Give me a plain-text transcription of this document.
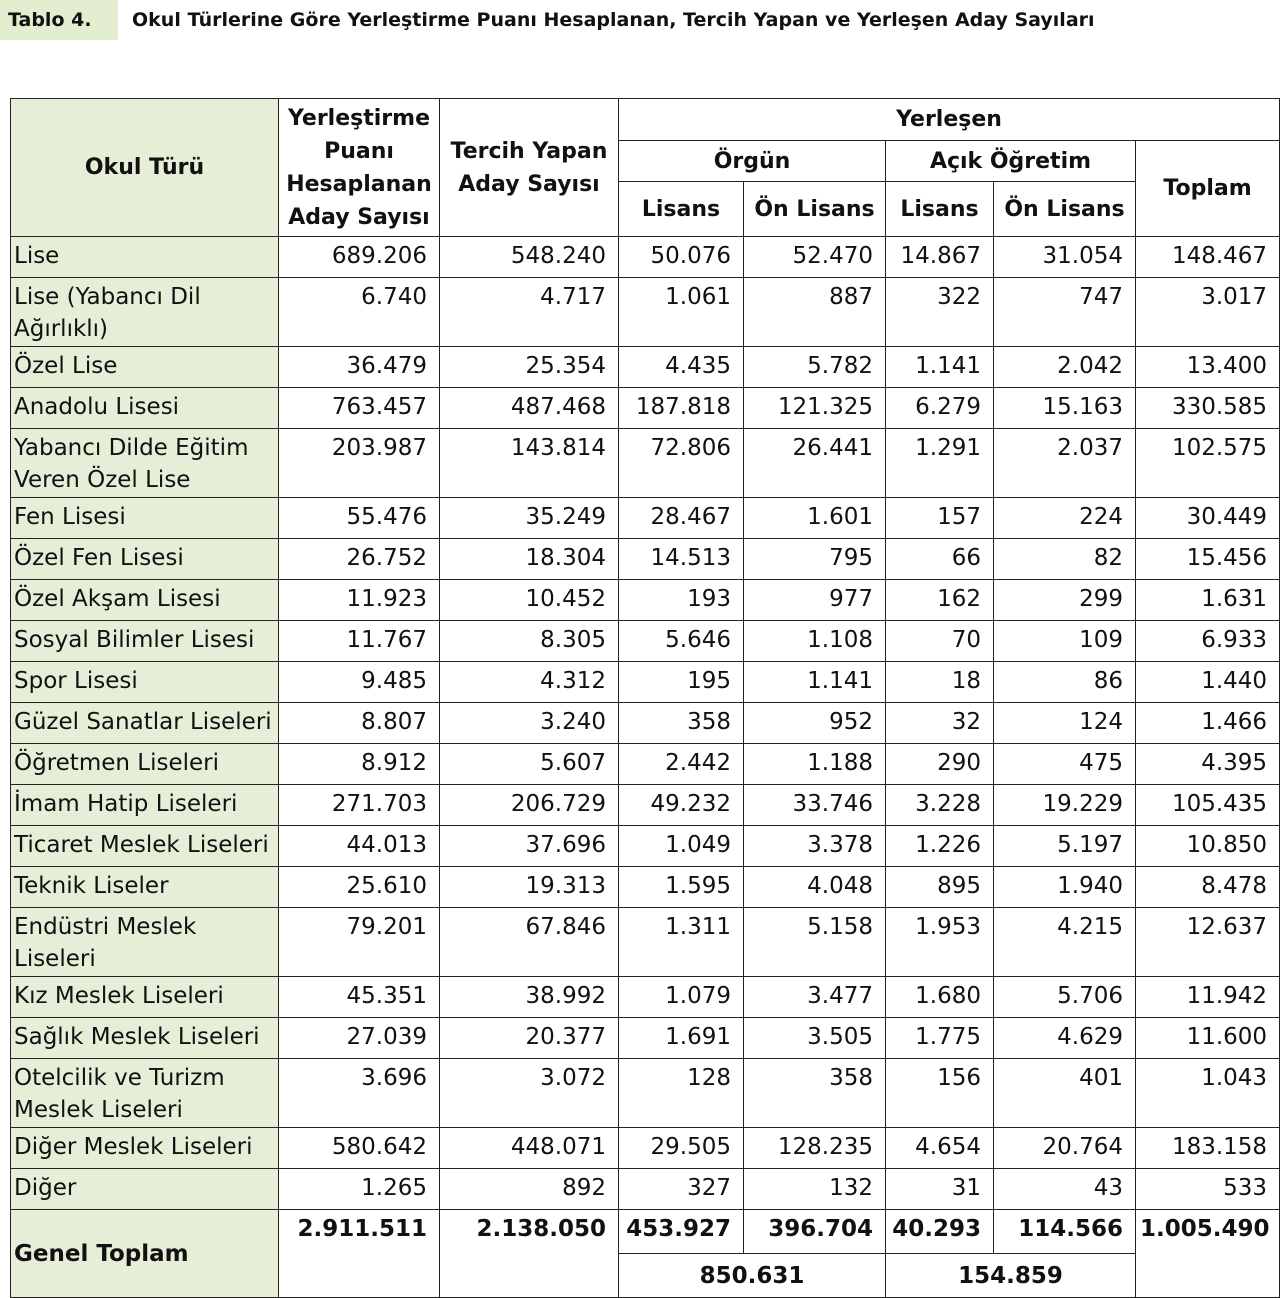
Tablo 4.	Okul Türlerine Göre Yerleştirme Puanı Hesaplanan, Tercih Yapan ve Yerleşen Aday Sayıları
Okul Türü	Yerleştirme Puanı Hesaplanan Aday Sayısı	Tercih Yapan Aday Sayısı	Yerleşen				
			Örgün		Açık Öğretim		Toplam
			Lisans	Ön Lisans	Lisans	Ön Lisans	
Lise	689.206	548.240	50.076	52.470	14.867	31.054	148.467
Lise (Yabancı Dil Ağırlıklı)	6.740	4.717	1.061	887	322	747	3.017
Özel Lise	36.479	25.354	4.435	5.782	1.141	2.042	13.400
Anadolu Lisesi	763.457	487.468	187.818	121.325	6.279	15.163	330.585
Yabancı Dilde Eğitim Veren Özel Lise	203.987	143.814	72.806	26.441	1.291	2.037	102.575
Fen Lisesi	55.476	35.249	28.467	1.601	157	224	30.449
Özel Fen Lisesi	26.752	18.304	14.513	795	66	82	15.456
Özel Akşam Lisesi	11.923	10.452	193	977	162	299	1.631
Sosyal Bilimler Lisesi	11.767	8.305	5.646	1.108	70	109	6.933
Spor Lisesi	9.485	4.312	195	1.141	18	86	1.440
Güzel Sanatlar Liseleri	8.807	3.240	358	952	32	124	1.466
Öğretmen Liseleri	8.912	5.607	2.442	1.188	290	475	4.395
İmam Hatip Liseleri	271.703	206.729	49.232	33.746	3.228	19.229	105.435
Ticaret Meslek Liseleri	44.013	37.696	1.049	3.378	1.226	5.197	10.850
Teknik Liseler	25.610	19.313	1.595	4.048	895	1.940	8.478
Endüstri Meslek Liseleri	79.201	67.846	1.311	5.158	1.953	4.215	12.637
Kız Meslek Liseleri	45.351	38.992	1.079	3.477	1.680	5.706	11.942
Sağlık Meslek Liseleri	27.039	20.377	1.691	3.505	1.775	4.629	11.600
Otelcilik ve Turizm Meslek Liseleri	3.696	3.072	128	358	156	401	1.043
Diğer Meslek Liseleri	580.642	448.071	29.505	128.235	4.654	20.764	183.158
Diğer	1.265	892	327	132	31	43	533
Genel Toplam	2.911.511	2.138.050	453.927	396.704	40.293	114.566	1.005.490
			850.631		154.859		
